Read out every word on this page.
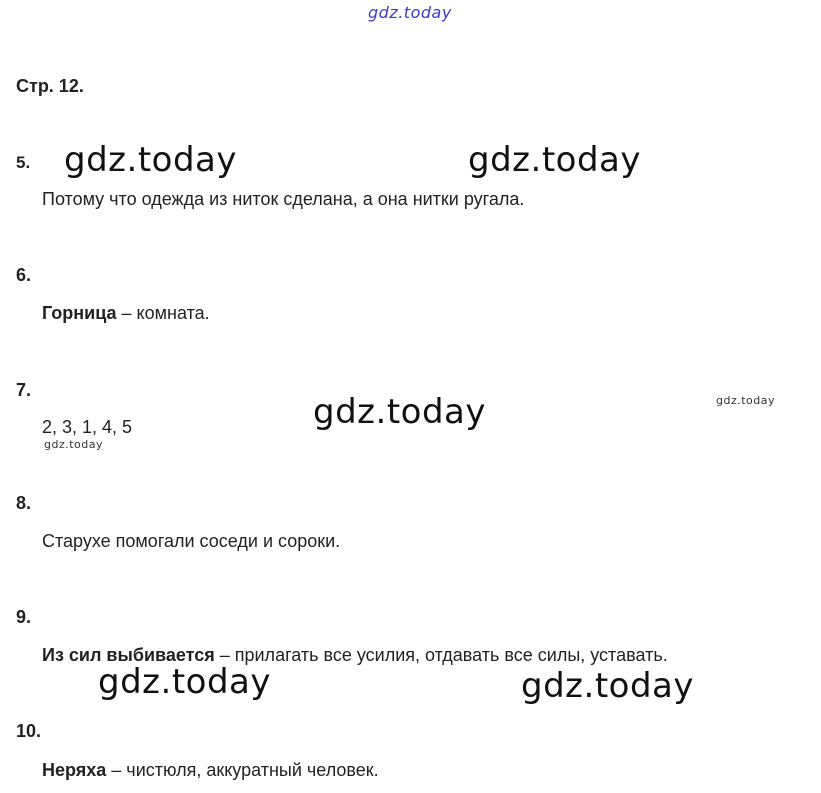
gdz.today
Стр. 12.
5. gdz.today	gdz.today
Потому что одежда из ниток сделана, а она нитки ругала.
6.
Горница – комната.
7.
gdz.today	gdz.today
2, 3, 1, 4, 5
gdz.today
8.
Старухе помогали соседи и сороки.
9.
Из сил выбивается – прилагать все усилия, отдавать все силы, уставать.
gdz.today	gdz.today
10.
Неряха – чистюля, аккуратный человек.
